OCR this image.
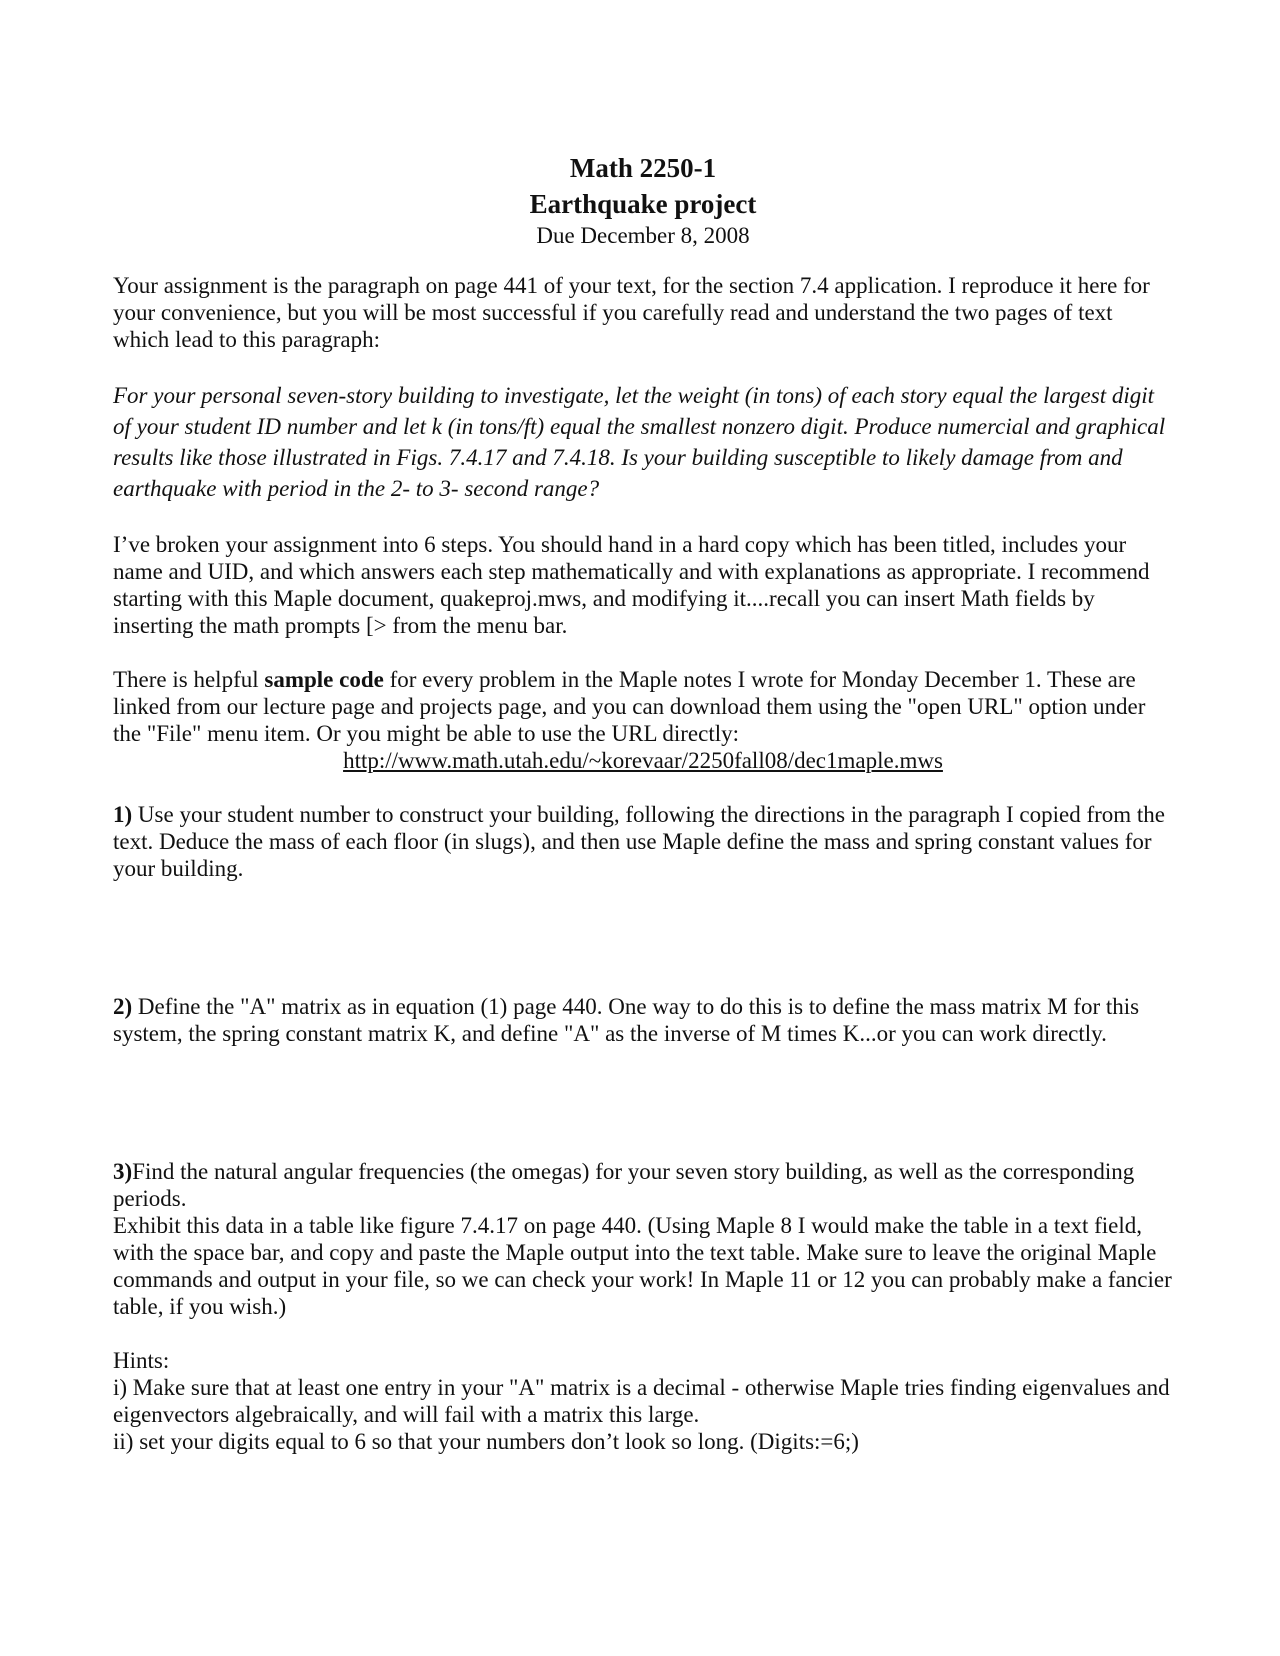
Math 2250-1
Earthquake project
Due December 8, 2008

Your assignment is the paragraph on page 441 of your text, for the section 7.4 application. I reproduce it here for your convenience, but you will be most successful if you carefully read and understand the two pages of text which lead to this paragraph:

For your personal seven-story building to investigate, let the weight (in tons) of each story equal the largest digit of your student ID number and let k (in tons/ft) equal the smallest nonzero digit. Produce numercial and graphical results like those illustrated in Figs. 7.4.17 and 7.4.18. Is your building susceptible to likely damage from and earthquake with period in the 2- to 3- second range?

I’ve broken your assignment into 6 steps. You should hand in a hard copy which has been titled, includes your name and UID, and which answers each step mathematically and with explanations as appropriate. I recommend starting with this Maple document, quakeproj.mws, and modifying it....recall you can insert Math fields by inserting the math prompts [> from the menu bar.

There is helpful sample code for every problem in the Maple notes I wrote for Monday December 1. These are linked from our lecture page and projects page, and you can download them using the "open URL" option under the "File" menu item. Or you might be able to use the URL directly:
http://www.math.utah.edu/~korevaar/2250fall08/dec1maple.mws
1) Use your student number to construct your building, following the directions in the paragraph I copied from the text. Deduce the mass of each floor (in slugs), and then use Maple define the mass and spring constant values for your building.
2) Define the "A" matrix as in equation (1) page 440. One way to do this is to define the mass matrix M for this system, the spring constant matrix K, and define "A" as the inverse of M times K...or you can work directly.
3)Find the natural angular frequencies (the omegas) for your seven story building, as well as the corresponding periods.
Exhibit this data in a table like figure 7.4.17 on page 440. (Using Maple 8 I would make the table in a text field, with the space bar, and copy and paste the Maple output into the text table. Make sure to leave the original Maple commands and output in your file, so we can check your work! In Maple 11 or 12 you can probably make a fancier table, if you wish.)
Hints:
i) Make sure that at least one entry in your "A" matrix is a decimal - otherwise Maple tries finding eigenvalues and eigenvectors algebraically, and will fail with a matrix this large.
ii) set your digits equal to 6 so that your numbers don’t look so long. (Digits:=6;)
